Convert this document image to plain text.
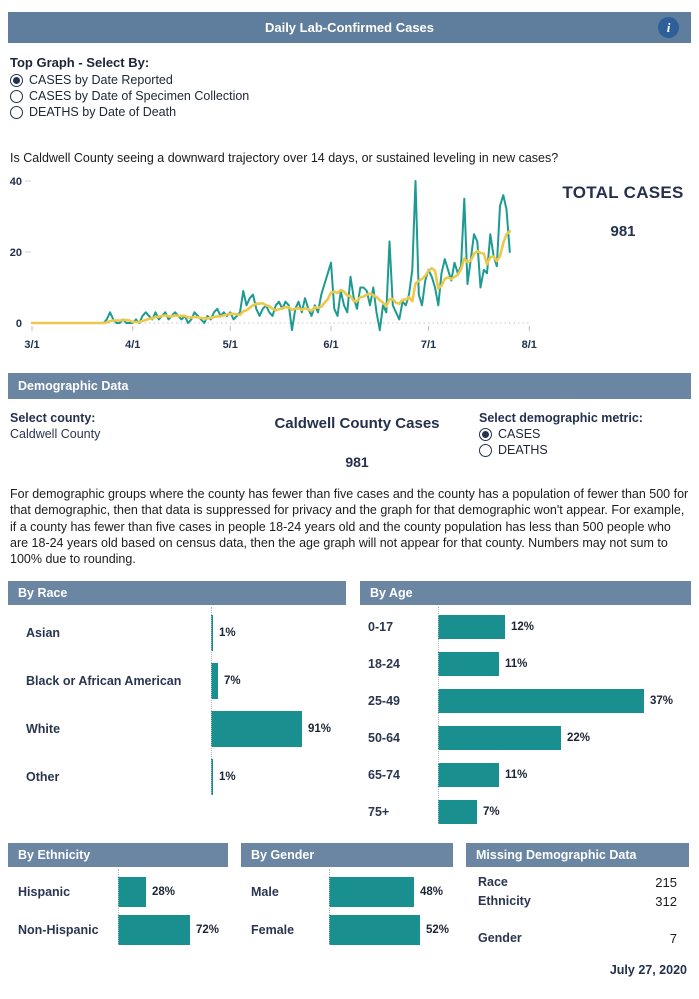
Daily Lab-Confirmed Cases	i
Top Graph - Select By:
CASES by Date Reported
CASES by Date of Specimen Collection
DEATHS by Date of Death
Is Caldwell County seeing a downward trajectory over 14 days, or sustained leveling in new cases?
0
20
40
3/1	4/1	5/1	6/1	7/1	8/1
TOTAL CASES
981
Demographic Data
Select county:
Caldwell County
Caldwell County Cases
981
Select demographic metric:
CASES
DEATHS
For demographic groups where the county has fewer than five cases and the county has a population of fewer than 500 for that demographic, then that data is suppressed for privacy and the graph for that demographic won't appear. For example, if a county has fewer than five cases in people 18-24 years old and the county population has less than 500 people who are 18-24 years old based on census data, then the age graph will not appear for that county. Numbers may not sum to 100% due to rounding.
By Race
Asian	1%
Black or African American	7%
White	91%
Other	1%
By Age
0-17	12%
18-24	11%
25-49	37%
50-64	22%
65-74	11%
75+	7%
By Ethnicity
Hispanic	28%
Non-Hispanic	72%
By Gender
Male	48%
Female	52%
Missing Demographic Data
Race	215
Ethnicity	312
Gender	7
July 27, 2020
